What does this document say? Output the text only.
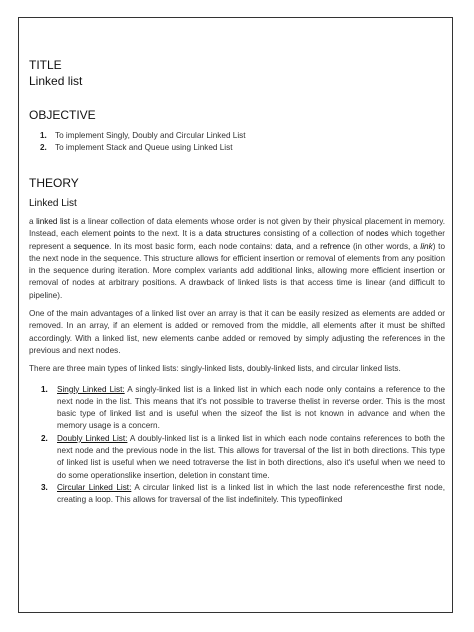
TITLE
Linked list
OBJECTIVE
1. To implement Singly, Doubly and Circular Linked List
2. To implement Stack and Queue using Linked List
THEORY
Linked List

a linked list is a linear collection of data elements whose order is not given by their physical placement in memory. Instead, each element points to the next. It is a data structures consisting of a collection of nodes which together represent a sequence. In its most basic form, each node contains: data, and a refrence (in other words, a link) to the next node in the sequence. This structure allows for efficient insertion or removal of elements from any position in the sequence during iteration. More complex variants add additional links, allowing more efficient insertion or removal of nodes at arbitrary positions. A drawback of linked lists is that access time is linear (and difficult to pipeline).

One of the main advantages of a linked list over an array is that it can be easily resized as elements are added or removed. In an array, if an element is added or removed from the middle, all elements after it must be shifted accordingly. With a linked list, new elements canbe added or removed by simply adjusting the references in the previous and next nodes.

There are three main types of linked lists: singly-linked lists, doubly-linked lists, and circular linked lists.

1. Singly Linked List: A singly-linked list is a linked list in which each node only contains a reference to the next node in the list. This means that it's not possible to traverse thelist in reverse order. This is the most basic type of linked list and is useful when the sizeof the list is not known in advance and when the memory usage is a concern.
2. Doubly Linked List: A doubly-linked list is a linked list in which each node contains references to both the next node and the previous node in the list. This allows for traversal of the list in both directions. This type of linked list is useful when we need totraverse the list in both directions, also it's useful when we need to do some operationslike insertion, deletion in constant time.
3. Circular Linked List: A circular linked list is a linked list in which the last node referencesthe first node, creating a loop. This allows for traversal of the list indefinitely. This typeoflinked
